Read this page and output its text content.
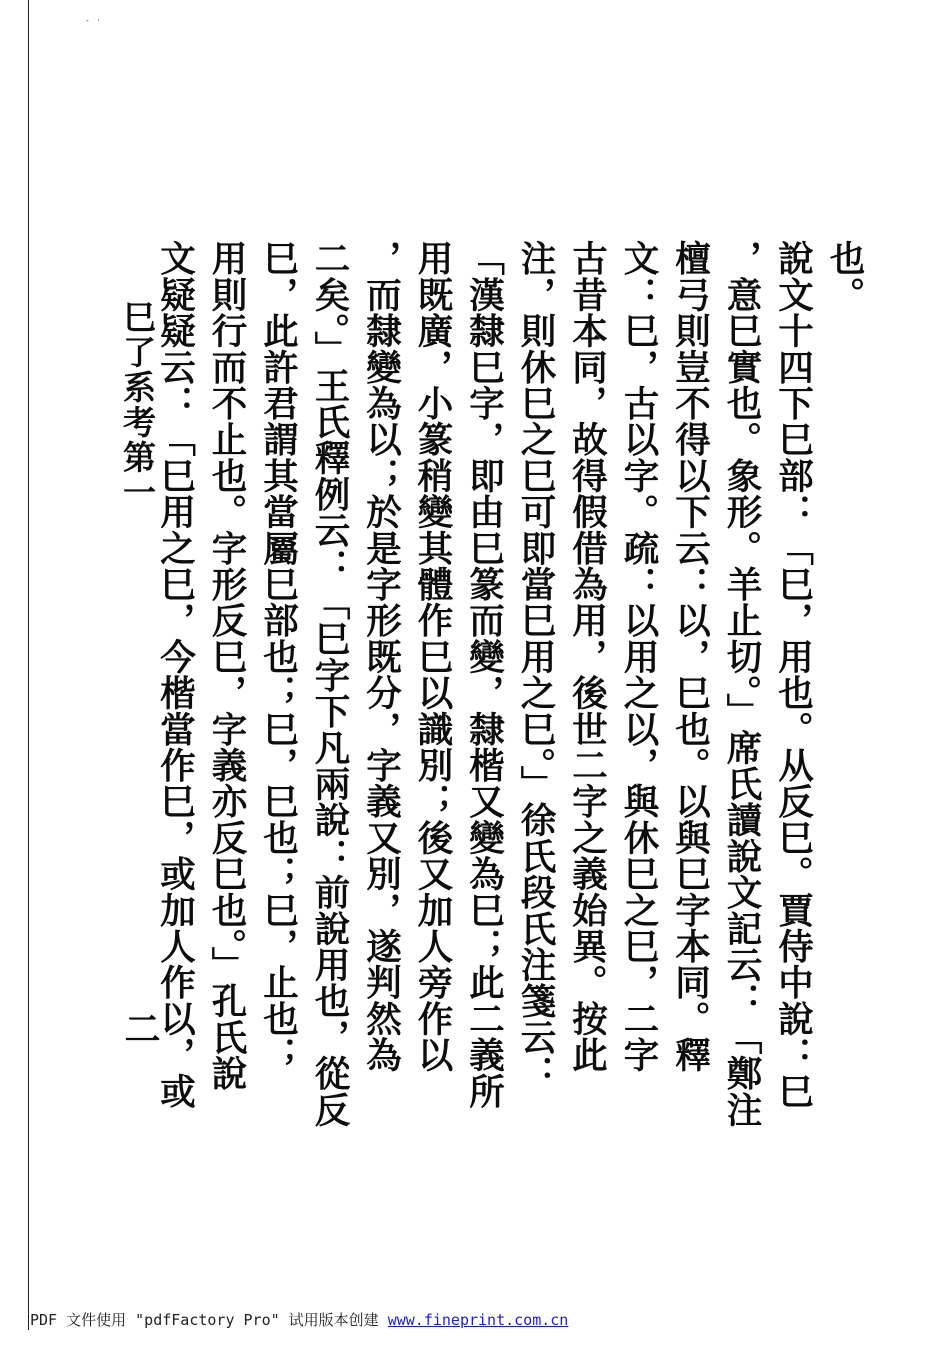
- ·
也。
說文十四下巳部：「巳，用也。从反巳。賈侍中說：巳
，意巳實也。象形。羊止切。」席氏讀說文記云：「鄭注
檀弓則豈不得以下云：以，巳也。以與巳字本同。釋
文：巳，古以字。疏：以用之以，與休巳之巳，二字
古昔本同，故得假借為用，後世二字之義始異。按此
注，則休巳之巳可即當巳用之巳。」徐氏段氏注箋云：
「漢隸巳字，即由巳篆而變，隸楷又變為巳；此二義所
用既廣，小篆稍變其體作巳以識別；後又加人旁作以
，而隸變為以；於是字形既分，字義又別，遂判然為
二矣。」王氏釋例云：「巳字下凡兩說：前說用也，從反
巳，此許君謂其當屬巳部也；巳，巳也；巳，止也；
用則行而不止也。字形反巳，字義亦反巳也。」孔氏說
文疑疑云：「巳用之巳，今楷當作巳，或加人作以，或
巳了系考第一
二
PDF 文件使用 "pdfFactory Pro" 试用版本创建 www.fineprint.com.cn
